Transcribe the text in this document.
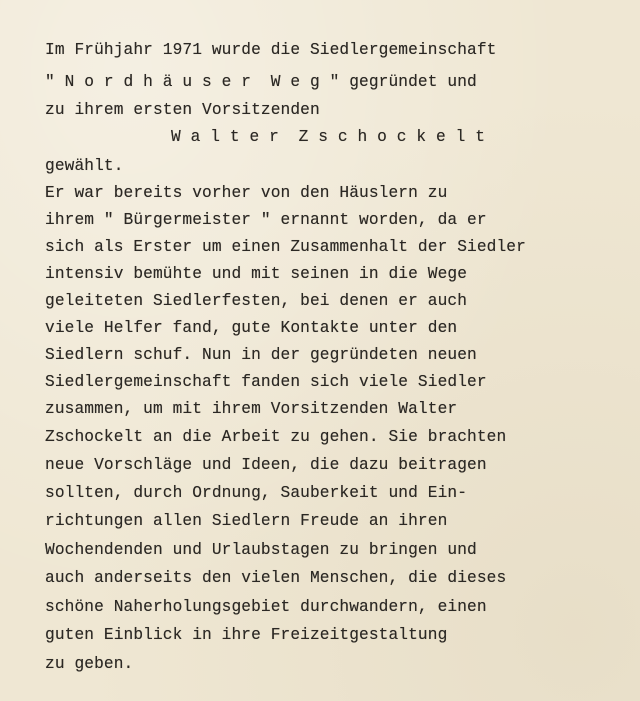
Im Frühjahr 1971 wurde die Siedlergemeinschaft
" N o r d h ä u s e r  W e g " gegründet und
zu ihrem ersten Vorsitzenden
W a l t e r  Z s c h o c k e l t
gewählt.
Er war bereits vorher von den Häuslern zu
ihrem " Bürgermeister " ernannt worden, da er
sich als Erster um einen Zusammenhalt der Siedler
intensiv bemühte und mit seinen in die Wege
geleiteten Siedlerfesten, bei denen er auch
viele Helfer fand, gute Kontakte unter den
Siedlern schuf. Nun in der gegründeten neuen
Siedlergemeinschaft fanden sich viele Siedler
zusammen, um mit ihrem Vorsitzenden Walter
Zschockelt an die Arbeit zu gehen. Sie brachten
neue Vorschläge und Ideen, die dazu beitragen
sollten, durch Ordnung, Sauberkeit und Ein-
richtungen allen Siedlern Freude an ihren
Wochendenden und Urlaubstagen zu bringen und
auch anderseits den vielen Menschen, die dieses
schöne Naherholungsgebiet durchwandern, einen
guten Einblick in ihre Freizeitgestaltung
zu geben.
